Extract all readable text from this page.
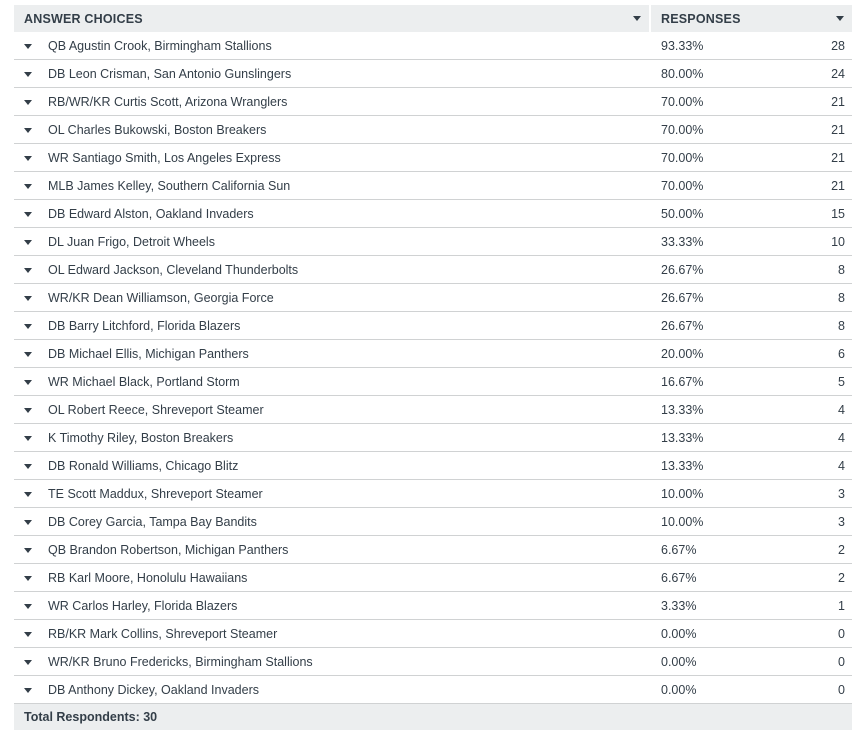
ANSWER CHOICES	RESPONSES
QB Agustin Crook, Birmingham Stallions	93.33%	28
DB Leon Crisman, San Antonio Gunslingers	80.00%	24
RB/WR/KR Curtis Scott, Arizona Wranglers	70.00%	21
OL Charles Bukowski, Boston Breakers	70.00%	21
WR Santiago Smith, Los Angeles Express	70.00%	21
MLB James Kelley, Southern California Sun	70.00%	21
DB Edward Alston, Oakland Invaders	50.00%	15
DL Juan Frigo, Detroit Wheels	33.33%	10
OL Edward Jackson, Cleveland Thunderbolts	26.67%	8
WR/KR Dean Williamson, Georgia Force	26.67%	8
DB Barry Litchford, Florida Blazers	26.67%	8
DB Michael Ellis, Michigan Panthers	20.00%	6
WR Michael Black, Portland Storm	16.67%	5
OL Robert Reece, Shreveport Steamer	13.33%	4
K Timothy Riley, Boston Breakers	13.33%	4
DB Ronald Williams, Chicago Blitz	13.33%	4
TE Scott Maddux, Shreveport Steamer	10.00%	3
DB Corey Garcia, Tampa Bay Bandits	10.00%	3
QB Brandon Robertson, Michigan Panthers	6.67%	2
RB Karl Moore, Honolulu Hawaiians	6.67%	2
WR Carlos Harley, Florida Blazers	3.33%	1
RB/KR Mark Collins, Shreveport Steamer	0.00%	0
WR/KR Bruno Fredericks, Birmingham Stallions	0.00%	0
DB Anthony Dickey, Oakland Invaders	0.00%	0
Total Respondents: 30
